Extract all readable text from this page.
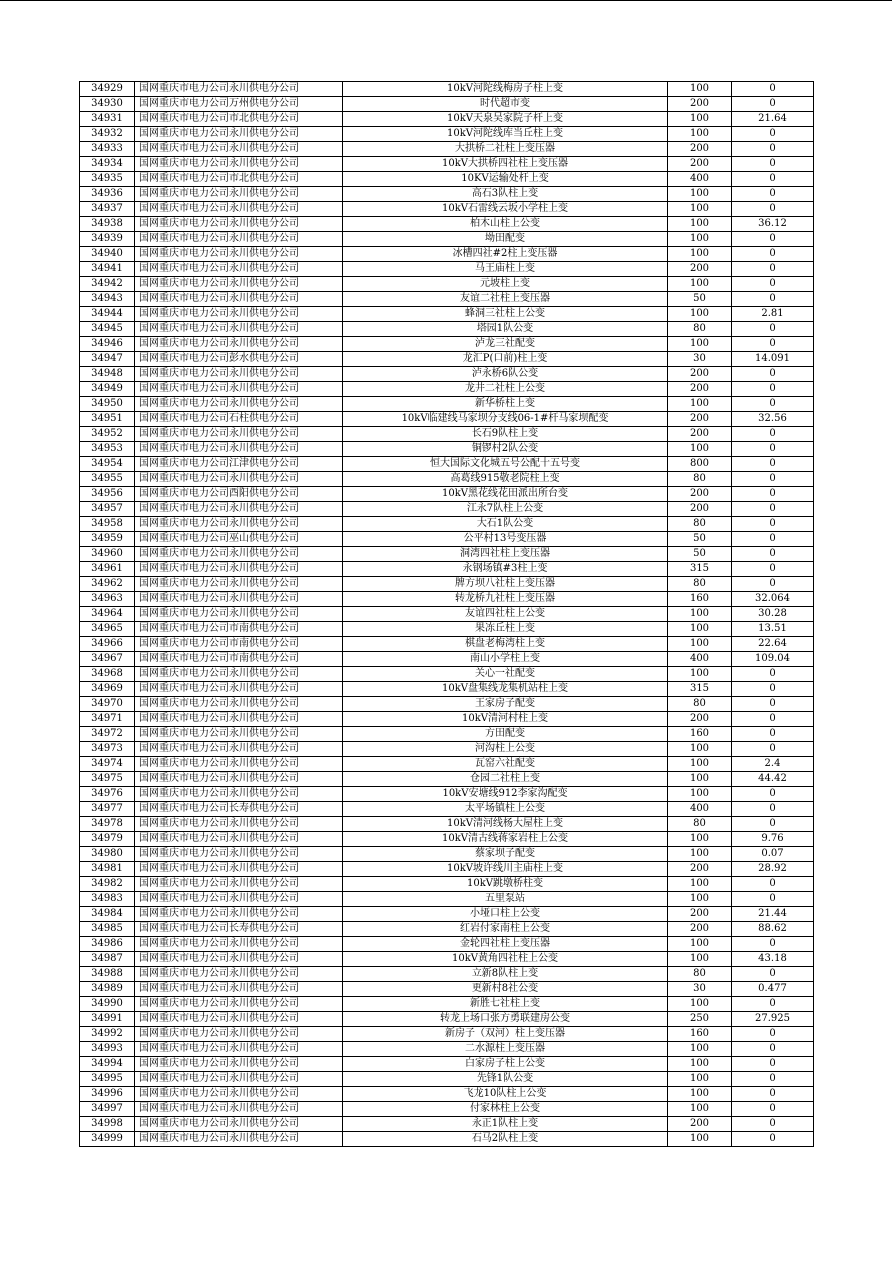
34929	国网重庆市电力公司永川供电分公司	10kV河陀线梅房子柱上变	100	0
34930	国网重庆市电力公司万州供电分公司	时代超市变	200	0
34931	国网重庆市电力公司市北供电分公司	10kV天泉吴家院子杆上变	100	21.64
34932	国网重庆市电力公司永川供电分公司	10kV河陀线库当丘柱上变	100	0
34933	国网重庆市电力公司永川供电分公司	大拱桥二社柱上变压器	200	0
34934	国网重庆市电力公司永川供电分公司	10kV大拱桥四社柱上变压器	200	0
34935	国网重庆市电力公司市北供电分公司	10KV运输处杆上变	400	0
34936	国网重庆市电力公司永川供电分公司	高石3队柱上变	100	0
34937	国网重庆市电力公司永川供电分公司	10kV石雷线云坂小学柱上变	100	0
34938	国网重庆市电力公司永川供电分公司	柏木山柱上公变	100	36.12
34939	国网重庆市电力公司永川供电分公司	坳田配变	100	0
34940	国网重庆市电力公司永川供电分公司	冰槽四社#2柱上变压器	100	0
34941	国网重庆市电力公司永川供电分公司	马王庙柱上变	200	0
34942	国网重庆市电力公司永川供电分公司	元坡柱上变	100	0
34943	国网重庆市电力公司永川供电分公司	友谊二社柱上变压器	50	0
34944	国网重庆市电力公司永川供电分公司	蜂洞三社柱上公变	100	2.81
34945	国网重庆市电力公司永川供电分公司	塔园1队公变	80	0
34946	国网重庆市电力公司永川供电分公司	泸龙三社配变	100	0
34947	国网重庆市电力公司彭水供电分公司	龙汇P(口前)柱上变	30	14.091
34948	国网重庆市电力公司永川供电分公司	泸永桥6队公变	200	0
34949	国网重庆市电力公司永川供电分公司	龙井二社柱上公变	200	0
34950	国网重庆市电力公司永川供电分公司	新华桥柱上变	100	0
34951	国网重庆市电力公司石柱供电分公司	10kV临建线马家坝分支线06-1#杆马家坝配变	200	32.56
34952	国网重庆市电力公司永川供电分公司	长石9队柱上变	200	0
34953	国网重庆市电力公司永川供电分公司	铜锣村2队公变	100	0
34954	国网重庆市电力公司江津供电分公司	恒大国际文化城五号公配十五号变	800	0
34955	国网重庆市电力公司永川供电分公司	高葛线915敬老院柱上变	80	0
34956	国网重庆市电力公司酉阳供电分公司	10kV黑花线花田派出所台变	200	0
34957	国网重庆市电力公司永川供电分公司	江永7队柱上公变	200	0
34958	国网重庆市电力公司永川供电分公司	大石1队公变	80	0
34959	国网重庆市电力公司巫山供电分公司	公平村13号变压器	50	0
34960	国网重庆市电力公司永川供电分公司	洞湾四社柱上变压器	50	0
34961	国网重庆市电力公司永川供电分公司	永钢场镇#3柱上变	315	0
34962	国网重庆市电力公司永川供电分公司	牌方坝八社柱上变压器	80	0
34963	国网重庆市电力公司永川供电分公司	转龙桥九社柱上变压器	160	32.064
34964	国网重庆市电力公司永川供电分公司	友谊四社柱上公变	100	30.28
34965	国网重庆市电力公司市南供电分公司	果冻丘柱上变	100	13.51
34966	国网重庆市电力公司市南供电分公司	棋盘老梅湾柱上变	100	22.64
34967	国网重庆市电力公司市南供电分公司	南山小学柱上变	400	109.04
34968	国网重庆市电力公司永川供电分公司	关心一社配变	100	0
34969	国网重庆市电力公司永川供电分公司	10kV盘集线龙集机站柱上变	315	0
34970	国网重庆市电力公司永川供电分公司	王家房子配变	80	0
34971	国网重庆市电力公司永川供电分公司	10kV清河村柱上变	200	0
34972	国网重庆市电力公司永川供电分公司	方田配变	160	0
34973	国网重庆市电力公司永川供电分公司	河沟柱上公变	100	0
34974	国网重庆市电力公司永川供电分公司	瓦窑六社配变	100	2.4
34975	国网重庆市电力公司永川供电分公司	仓园二社柱上变	100	44.42
34976	国网重庆市电力公司永川供电分公司	10kV安塘线912李家沟配变	100	0
34977	国网重庆市电力公司长寿供电分公司	太平场镇柱上公变	400	0
34978	国网重庆市电力公司永川供电分公司	10kV清河线杨大屋柱上变	80	0
34979	国网重庆市电力公司永川供电分公司	10kV清古线蒋家岩柱上公变	100	9.76
34980	国网重庆市电力公司永川供电分公司	蔡家坝子配变	100	0.07
34981	国网重庆市电力公司永川供电分公司	10kV坡许线川主庙柱上变	200	28.92
34982	国网重庆市电力公司永川供电分公司	10kV跳墩桥柱变	100	0
34983	国网重庆市电力公司永川供电分公司	五里泵站	100	0
34984	国网重庆市电力公司永川供电分公司	小垭口柱上公变	200	21.44
34985	国网重庆市电力公司长寿供电分公司	红岩付家南柱上公变	200	88.62
34986	国网重庆市电力公司永川供电分公司	金轮四社柱上变压器	100	0
34987	国网重庆市电力公司永川供电分公司	10kV黄角四社柱上公变	100	43.18
34988	国网重庆市电力公司永川供电分公司	立新8队柱上变	80	0
34989	国网重庆市电力公司永川供电分公司	更新村8社公变	30	0.477
34990	国网重庆市电力公司永川供电分公司	新胜七社柱上变	100	0
34991	国网重庆市电力公司永川供电分公司	转龙上场口张方勇联建房公变	250	27.925
34992	国网重庆市电力公司永川供电分公司	新房子（双河）柱上变压器	160	0
34993	国网重庆市电力公司永川供电分公司	二水源柱上变压器	100	0
34994	国网重庆市电力公司永川供电分公司	白家房子柱上公变	100	0
34995	国网重庆市电力公司永川供电分公司	先锋1队公变	100	0
34996	国网重庆市电力公司永川供电分公司	飞龙10队柱上公变	100	0
34997	国网重庆市电力公司永川供电分公司	付家林柱上公变	100	0
34998	国网重庆市电力公司永川供电分公司	永正1队柱上变	200	0
34999	国网重庆市电力公司永川供电分公司	石马2队柱上变	100	0
